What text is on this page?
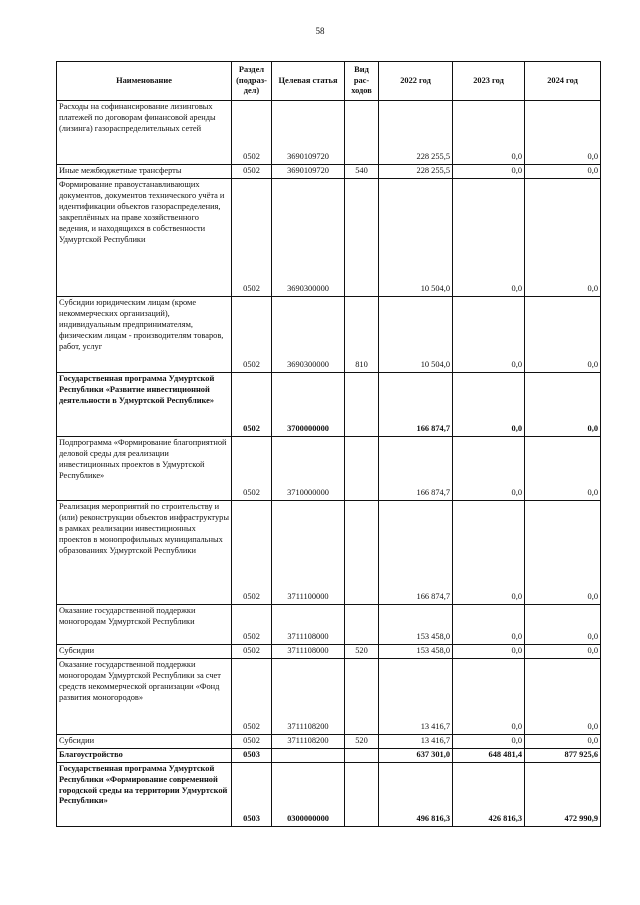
58
Наименование	Раздел (подраз-дел)	Целевая статья	Вид рас-ходов	2022 год	2023 год	2024 год
Расходы на софинансирование лизинговых платежей по договорам финансовой аренды (лизинга) газораспределительных сетей	0502	3690109720		228 255,5	0,0	0,0
Иные межбюджетные трансферты	0502	3690109720	540	228 255,5	0,0	0,0
Формирование правоустанавливающих документов, документов технического учёта и идентификации объектов газораспределения, закреплённых на праве хозяйственного ведения, и находящихся в собственности Удмуртской Республики	0502	3690300000		10 504,0	0,0	0,0
Субсидии юридическим лицам (кроме некоммерческих организаций), индивидуальным предпринимателям, физическим лицам - производителям товаров, работ, услуг	0502	3690300000	810	10 504,0	0,0	0,0
Государственная программа Удмуртской Республики «Развитие инвестиционной деятельности в Удмуртской Республике»	0502	3700000000		166 874,7	0,0	0,0
Подпрограмма «Формирование благоприятной деловой среды для реализации инвестиционных проектов в Удмуртской Республике»	0502	3710000000		166 874,7	0,0	0,0
Реализация мероприятий по строительству и (или) реконструкции объектов инфраструктуры в рамках реализации инвестиционных проектов в монопрофильных муниципальных образованиях Удмуртской Республики	0502	3711100000		166 874,7	0,0	0,0
Оказание государственной поддержки моногородам Удмуртской Республики	0502	3711108000		153 458,0	0,0	0,0
Субсидии	0502	3711108000	520	153 458,0	0,0	0,0
Оказание государственной поддержки моногородам Удмуртской Республики за счет средств некоммерческой организации «Фонд развития моногородов»	0502	3711108200		13 416,7	0,0	0,0
Субсидии	0502	3711108200	520	13 416,7	0,0	0,0
Благоустройство	0503			637 301,0	648 481,4	877 925,6
Государственная программа Удмуртской Республики «Формирование современной городской среды на территории Удмуртской Республики»	0503	0300000000		496 816,3	426 816,3	472 990,9
